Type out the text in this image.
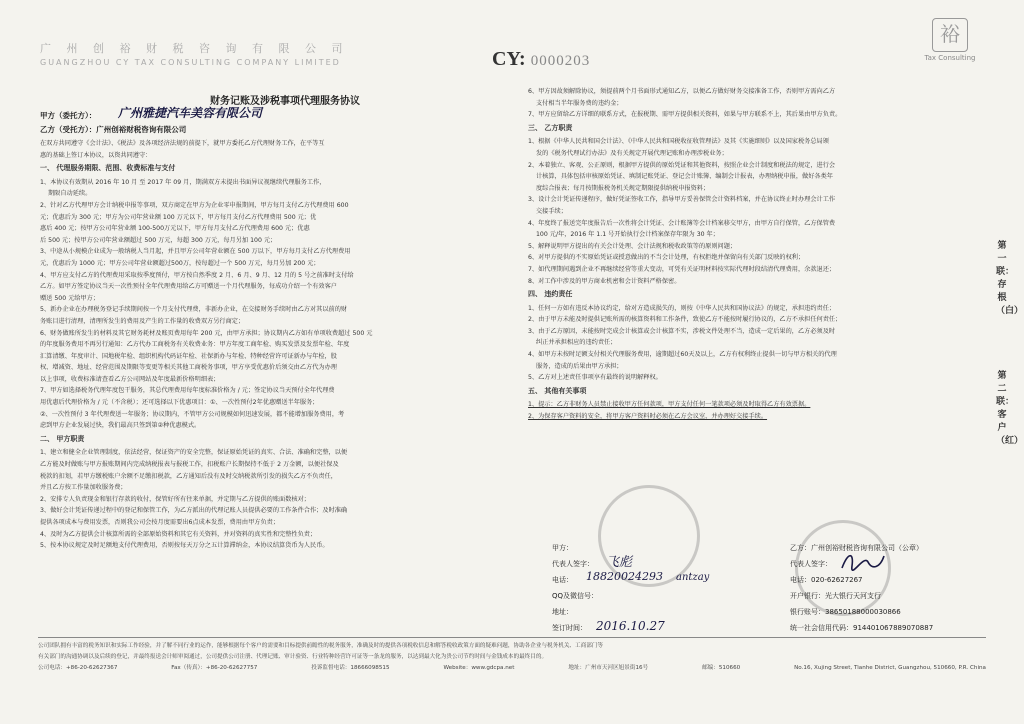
广 州 创 裕 财 税 咨 询 有 限 公 司
GUANGZHOU CY TAX CONSULTING COMPANY LIMITED	CY: 0000203
裕
Tax Consulting
财务记账及涉税事项代理服务协议
甲方（委托方）： 广州雅捷汽车美容有限公司
乙方（受托方）：广州创裕财税咨询有限公司
在双方共同遵守《会计法》、《税法》及各项经济法规的前提下，就甲方委托乙方代理财务工作，在平等互
惠的基础上签订本协议，以资共同遵守：
一、 代理服务期限、范围、收费标准与支付
1、本协议有效期从 2016 年 10 月 至 2017 年 09 月，期满双方未提出书面异议视继续代理服务工作，
期限自动延续。
2、针对乙方代理甲方会计纳税申报等事项，双方商定在甲方为企业零申报期间，甲方每月支付乙方代理费用 600
元；优惠后为 300 元；甲方为公司年营业额 100 万元以下，甲方每月支付乙方代理费用 500 元；优
惠后 400 元；按甲方公司年营业额 100-500万元以下，甲方每月支付乙方代理费用 600 元；优惠
后 500 元；按甲方公司年营业额超过 500 万元，每超 300 万元，每月另加 100 元；
3、中途从小规模企业成为一般纳税人当月起，并且甲方公司年营业额在 500 万以下，甲方每月支付乙方代理费用
元，优惠后为 1000 元；甲方公司年营业额超过500万，按每超过一个 500 万元，每月另加 200 元；
4、甲方应支付乙方的代理费用采取按季度预付，甲方按自然季度 2 月、6 月、9 月、12 月的 5 号之前准时支付给
乙方。如甲方签定协议当天一次性预付全年代理费用给乙方可赠送一个月代理服务，每成功介绍一个有效客户
赠送 500 元给甲方；
5、新办企业在办理税务登记手续期间按一个月支付代理费，非新办企业，在交接财务手续时由乙方对其以前的财
务账目进行清理，清理所发生的费用及产生的工作量的收费双方另行商定；
6、财务做账所发生的材料及其它财务耗材及账页费用每年 200 元，由甲方承担；协议期内乙方如有单项收费超过 500 元
的年度服务费用不再另行通知：乙方代办工商税务有关收费业务：甲方年度工商年检、购买发票及发票年检、年度
汇算清缴、年度审计、国地税年检、组织机构代码证年检、社保新办与年检、特种经营许可证新办与年检，股
权、增减资、地址、经营范围及期限等变更等相关其他工商税务事项，甲方享受优惠价后须交由乙方代为办理
以上事项，收费标准请查看乙方公司网站及年度最新价格明细表；
7、甲方如选择税务代理年度包干服务，其总代理费用每年度标准价格为 / 元；签定协议当天预付全年代理费
用优惠后代理价格为 / 元（不含税）；还可选择以下优惠项目：①、一次性预付2年优惠赠送半年服务；
②、一次性预付 3 年代理费送一年服务；协议期内，不管甲方公司规模如何迅速发展，都不能增加服务费用，考
虑到甲方企业发展过快，我们最高只签到第②种优惠模式。
二、 甲方职责
1、建立和健全企业管理制度，依法经营，保证资产的安全完整，保证原始凭证的真实、合法、准确和完整，以便
乙方能及时做账与甲方报账期间内完成纳税报表与报税工作，扣税账户长期保持不低于 2 万金额，以便社保及
税款的扣划，若甲方缴税账户余额不足缴扣税款，乙方通知后没有及时交纳税款所引发的损失乙方不负责任，
并且乙方按工作量加收服务费；
2、安排专人负责现金和银行存款的收付，保管好所有往来单据，并定期与乙方提供的账面数核对；
3、做好会计凭证传递过程中的登记和保管工作，为乙方派出的代理记账人员提供必要的工作条件合作；及时准确
提供各项成本与费用发票，否则我公司会按月度需要出6点成本发票，费用由甲方负责；
4、及时为乙方提供会计核算所需的全部原始资料和其它有关资料，并对资料的真实性和完整性负责；
5、按本协议规定及时足额地支付代理费用，否则按每天万分之五计算滞纳金，本协议结算货币为人民币。
6、甲方因故须解除协议，须提前两个月书面形式通知乙方，以便乙方做好财务交接准备工作，否则甲方需向乙方
支付相当半年服务费的违约金；
7、甲方应留给乙方详细的联系方式，在报税期、需甲方提供相关资料，如果与甲方联系不上，其后果由甲方负责。
三、 乙方职责
1、根据《中华人民共和国会计法》、《中华人民共和国税收征收管理法》及其《实施细则》以及国家税务总局颁
发的《税务代理试行办法》及有关规定开展代理记账和办理涉税业务；
2、本着独立、客观、公正原则，根据甲方提供的原始凭证和其他资料，按照企业会计制度和税法的规定，进行会
计核算，具体包括审核原始凭证、填制记账凭证、登记会计账簿、编制会计报表，办理纳税申报，做好各类年
度综合报表；每月按期报税务机关规定期限提供纳税申报资料；
3、设计会计凭证传递程序，做好凭证签收工作，指导甲方妥善保管会计资料档案，并在协议终止时办理会计工作
交接手续；
4、年度终了报送完年度报告后一次性将会计凭证、会计账簿等会计档案移交甲方，由甲方自行保管，乙方保管费
100 元/年，2016 年 1.1 号开始执行会计档案保存年限为 30 年；
5、解释说明甲方提出的有关会计处理、会计法规和税收政策等的原则问题；
6、对甲方提供的不实原始凭证或授意做出的不当会计处理，有权拒绝并保留向有关部门反映的权利；
7、如代理期间遇到企业不再继续经营等重大变动，可凭有关证明材料按实际代理时段结清代理费用，余款退还；
8、对工作中涉及的甲方商业机密和会计资料严格保密。
四、 违约责任
1、任何一方如有违反本协议约定，给对方造成损失的，则按《中华人民共和国协议法》的规定，承担违约责任；
2、由于甲方未能及时提供记账所需的核算资料和工作条件，致使乙方不能按时履行协议的，乙方不承担任何责任；
3、由于乙方原因，未能按时完成会计核算或会计核算不实，涉税文件处理不当，造成一定后果的，乙方必须及时
纠正并承担相应的违约责任；
4、如甲方未按时足额支付相关代理服务费用，逾期超过60天及以上，乙方有权利终止提供一切与甲方相关的代理
服务，造成的后果由甲方承担；
5、乙方对上述责任事项享有最终的说明解释权。
五、 其他有关事项
1、提示：乙方非财务人员禁止接收甲方任何款项，甲方支付任何一笔款项必须及时取得乙方有效票据。
2、为保存客户资料的安全，将甲方客户资料时必须在乙方会议室，并办理好交接手续。
甲方：
代表人签字：
电话：
QQ及微信号：
地址：
签订时间：
飞彪
18820024293 antzay
2016.10.27
乙方：广州创裕财税咨询有限公司（公章）
代表人签字：
电话：020-62627267
开户银行：光大银行天河支行
银行账号：38650188000030866
统一社会信用代码：914401067889070887
第一联：存根（白）
第二联：客户（红）
公司团队拥有丰富的税务知识和实际工作经验，并了解不同行业的运作，能够根据每个客户的需要和目标提供前瞻性的税务服务，准确及时的提供各项税收信息和解答税收政策方面的疑难问题，协助各企业与税务机关、工商部门等
有关部门的沟通协调以及后续的登记，并最终报送会计师审阅通过，公司提供公司注册、代理记账、审计验资、行业特种经营许可证等一条龙的服务，以达到最大化为贵公司节约时间与金钱成本的最终目的。
公司电话：+86-20-62627367	Fax（传真）：+86-20-62627757	投诉监督电话：18666098515	Website：www.gdcpa.net	地址：广州市天河区旭景街16号	邮编：510660	No.16, Xujing Street, Tianhe District, Guangzhou, 510660, P.R. China
